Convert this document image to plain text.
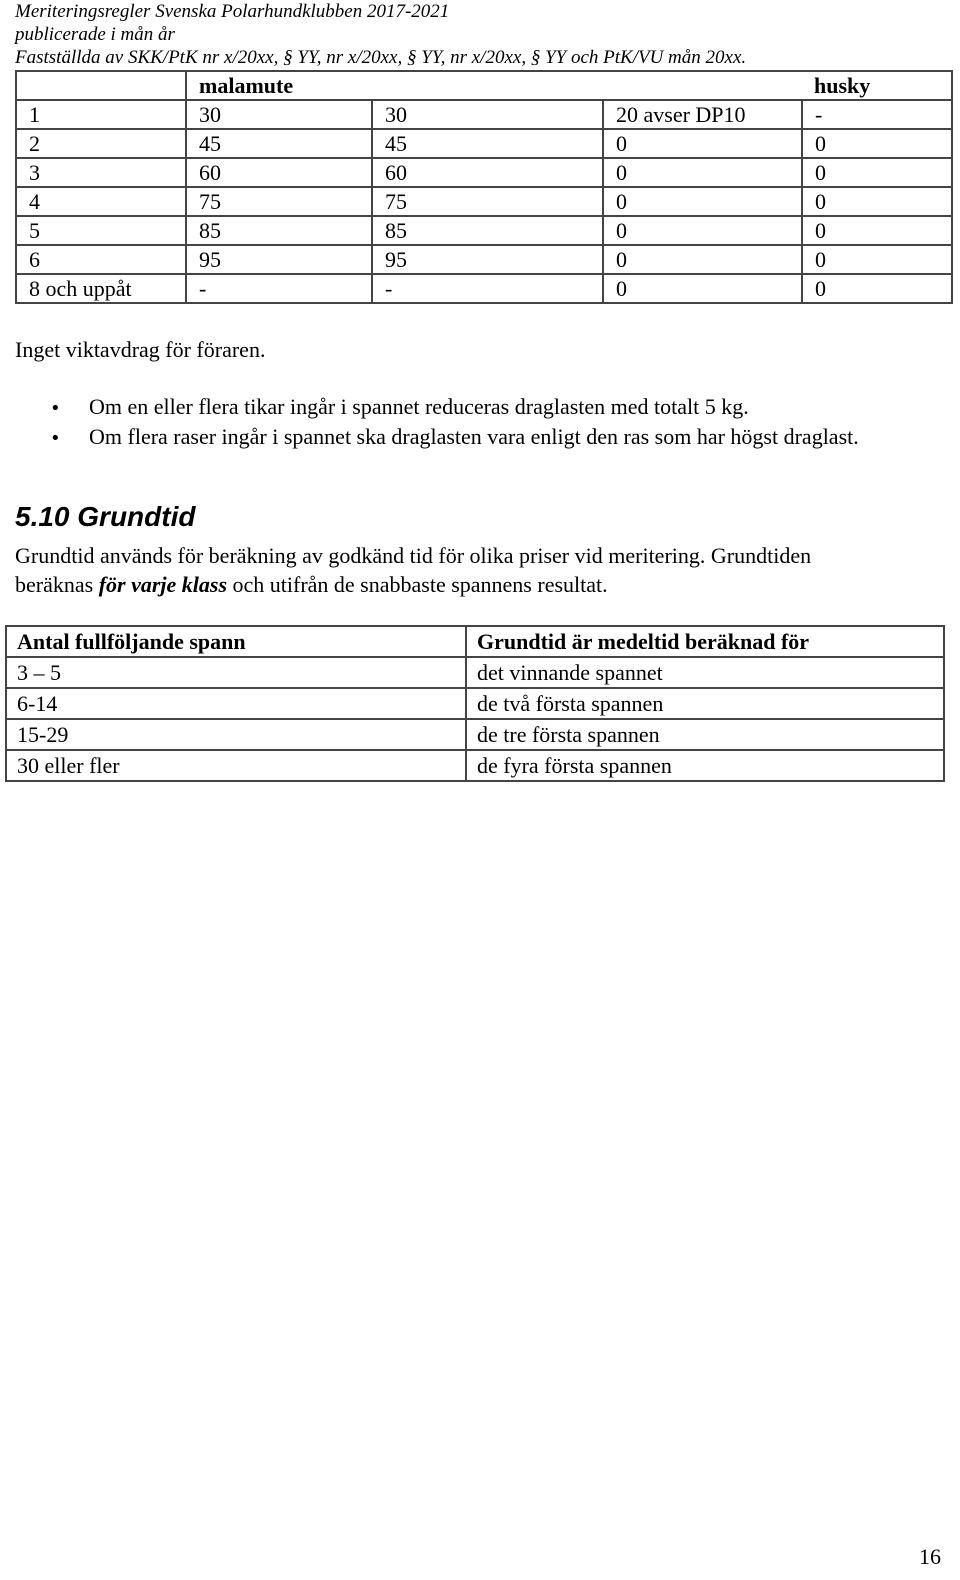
Meriteringsregler Svenska Polarhundklubben 2017-2021
publicerade i mån år
Fastställda av SKK/PtK nr x/20xx, § YY, nr x/20xx, § YY, nr x/20xx, § YY och PtK/VU mån 20xx.
	malamute			husky
1	30	30	20 avser DP10	-
2	45	45	0	0
3	60	60	0	0
4	75	75	0	0
5	85	85	0	0
6	95	95	0	0
8 och uppåt	-	-	0	0
Inget viktavdrag för föraren.
•Om en eller flera tikar ingår i spannet reduceras draglasten med totalt 5 kg.
•Om flera raser ingår i spannet ska draglasten vara enligt den ras som har högst draglast.
5.10 Grundtid
Grundtid används för beräkning av godkänd tid för olika priser vid meritering. Grundtiden
beräknas för varje klass och utifrån de snabbaste spannens resultat.
Antal fullföljande spann	Grundtid är medeltid beräknad för
3 – 5	det vinnande spannet
6-14	de två första spannen
15-29	de tre första spannen
30 eller fler	de fyra första spannen
16
